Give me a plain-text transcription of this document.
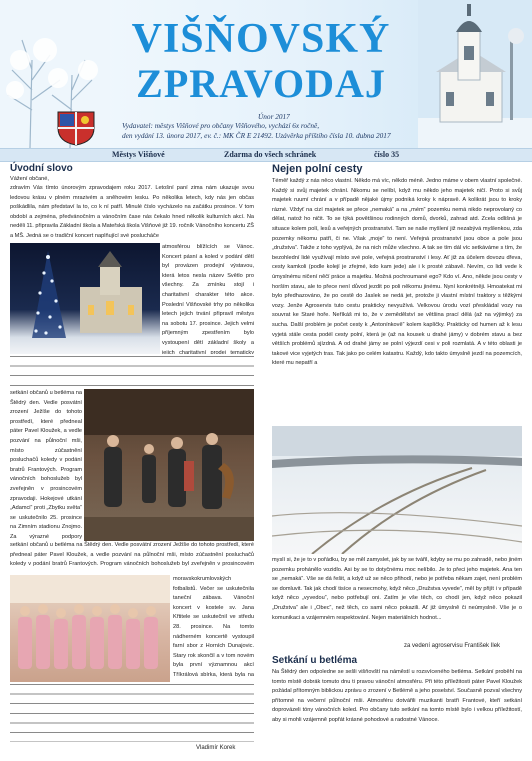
VIŠŇOVSKÝ
ZPRAVODAJ
Únor 2017
Vydavatel: městys Višňové pro občany Višňového, vychází 6x ročně,
den vydání 13. února 2017, ev. č.: MK ČR E 21492. Uzávěrka příštího čísla 10. dubna 2017
Městys Višňové	Zdarma do všech schránek	číslo 35
Úvodní slovo
Vážení občané,
zdravím Vás tímto únorovým zpravodajem roku 2017. Letošní paní zima nám ukazuje svou ledovou krásu v plném mrazivém a sněhovém lesku. Po několika letech, kdy nás jen občas poškádlila, nám představí la to, co k ní patří. Minulé číslo vycházelo na začátku prosince. V tom období a zejména, předvánočním a vánočním čase nás čekalo hned několik kulturních akcí. Na neděli 11. připravila Základní škola a Mateřská škola Višňové již 19. ročník Vánočního koncertu ZŠ a MŠ. Jedná se o tradiční koncert naplňující své poslucháče
atmosférou blížících se Vánoc. Koncert pásní a koled v podání dětí byl provázen prodejní výstavou, která letos nesla název Světlo pro všechny. Za zmínku stojí i charitativní charakter této akce. Poslední Višňovské trhy po několika letech jejich trvání připravil městys na sobotu 17. prosince. Jejich velmi příjemným zpestřením bylo vystoupení dětí základní školy a jejich charitativní prodej tematicky
setkání občanů u betléma na Štědrý den. Vedle posvátní zrození Ježíše do tohoto prostředí, které předneal páter Pavel Kloužek, a vedle pozvání na půlnoční mši, místo zúčastnění posluchačů koledy v podání bratrů Frantových. Program vánočních bohoslužeb byl zveřejněn v prosincovém zpravodaji. Hokejové utkání „Adamci“ proti „Zbytku světa“ se uskutečnilo 25. prosince na Zimním stadionu Znojmo. Za výrazné podpory
setkání občanů u betléma na Štědrý den. Vedle posvátní zrození Ježíše do tohoto prostředí, které předneal páter Pavel Kloužek, a vedle pozvání na půlnoční mši, místo zúčastnění posluchačů koledy v podání bratrů Frantových. Program vánočních bohoslužeb byl zveřejněn v prosincovém
moravskokrumlovských fotbalistů. Večer se uskutečnila taneční zábava. Vánoční koncert v kostele sv. Jana Křtitele se uskutečnil ve středu 28. prosince. Na tomto nádherném koncertě vystoupil farní sbor z Horních Dunajovic. Stary rok skončil a v tom novém byla první významnou akcí Tříkrálová sbírka, která byla na
Vladimír Korek
Nejen polní cesty
Téměř každý z nás něco vlastní. Někdo má víc, někdo méně. Jedno máme v obem vlastní společné. Každý si svůj majetek chrání. Nikomu se nelíbí, když mu někdo jeho majetek ničí. Proto si svůj majetek ruumí chrání a v případě nějaké újmy podniká kroky k nápravě. A kolikrát jsou to kroky rázné. Vždyť na cizí majetek se přece „nemaká“ a na „mém“ pozemku nemá nikdo neprovolaný co dělat, natož ho ničit. To se týká povětšinou rodinných domů, dvorků, zahrad atd. Zcela odlišná je situace kolem polí, lesů a veřejných prostranství. Tam se naše myšlení již nezabývá myšlenkou, zda pozemky někomu patří, či ne. Však „moje“ to není. Veřejná prostranství jsou obce a pole jsou „družstva“. Takže z toho vyplývá, že na nich může všechno. A tak se tím dál víc setkáváme s tím, že bezohlední lidé využívají místo své pole, veřejná prostranství i lesy. Ať již za účelem dovozu dřeva, cesty kamkoli (podle kolejí je zřejmé, kdo kam jede) ale i k prosté zábavě. Nevím, co lidi vede k úmyslnému ničení něčí práce a majetku. Možná pochroumané ego? Kdo ví. Ano, někde jsou cesty v horším stavu, ale to přece není důvod jezdit po poli někomu jinému. Nyní konkrétněji. Hmoatekat mi bylo předhazováno, že po cestě do Jaslek se nedá jet, protože ji vlastní místní traktory s těžkými vozy. Jenže Agroservis tuto cestu prakticky nevyužívá. Velkovou úrodu vozí přeskládal vozy na souvrat ke Staré hoře. Neříkáš mi to, že v zemědělství se většina prací dělá (až na výjimky) za sucha. Další problém je počet cesty k „Antonínkově“ kolem kaplíčky. Prakticky od humen až k lesu vyjetá stále cesta podél cesty polní, která je (až na kousek u drahé jámy) v dobrém stavu a bez větších problémů sjízdná. A od drahé jámy se polní výjezdí cesi v poli rozmlatá. A v této oblasti je takové vice vyjetých tras. Tak jako po celém katastru. Každý, kdo takto úmyslně jezdí na pozemcích, které mu nepatří a
myslí si, že je to v pořádku, by se měl zamyslet, jak by se tvářil, kdyby se mu po zahradě, nebo jiném pozemku prohánělo vozidlo. Asi by se to dotyčnému moc nelíbilo. Je to přeci jeho majetek. Ana ten se „nemaká“. Vše se dá řešit, a když už se něco přihodí, nebo je potřeba někam zajet, není problém se domluvit. Tak jak chodí tisíce a nesecrnohy, když něco „Družstva vyvede“, měl by přijít i v případě když něco „vyvedou“, nebo potřebují oni. Zatím je vše těch, co chodí jen, když něco pokazil „Družstva“ ale i „Obec“, než těch, co sami něco pokazili. Ať již úmyslně či neúmyslně. Vše je o komunikaci a vzájemném respektování. Nejen materiálních hodnot...
za vedení agroservisu František Ilek
Setkání u betléma
Na Štědrý den odpoledne se sešli višňovští na náměstí u rozsvíceného betléma. Setkání proběhl na tomto místě dobrák tomuto dnu ti pravou vánoční atmosféru. Při této příležitosti páter Pavel Kloužek požádal přítomným biblickou zprávu o zrození v Betlémě a jeho poselství. Současně pozval všechny přítomné na večerní půlnoční mši. Atmosféru dotvářili muzikanti bratři Frantové, kteří setkání doprovázeli tóny vánočních koled. Pro občany tuto setkání na tomto místě bylo i velkou příležitostí, aby si mohli vzájemně popřát krásné pohodové a radostné Vánoce.
